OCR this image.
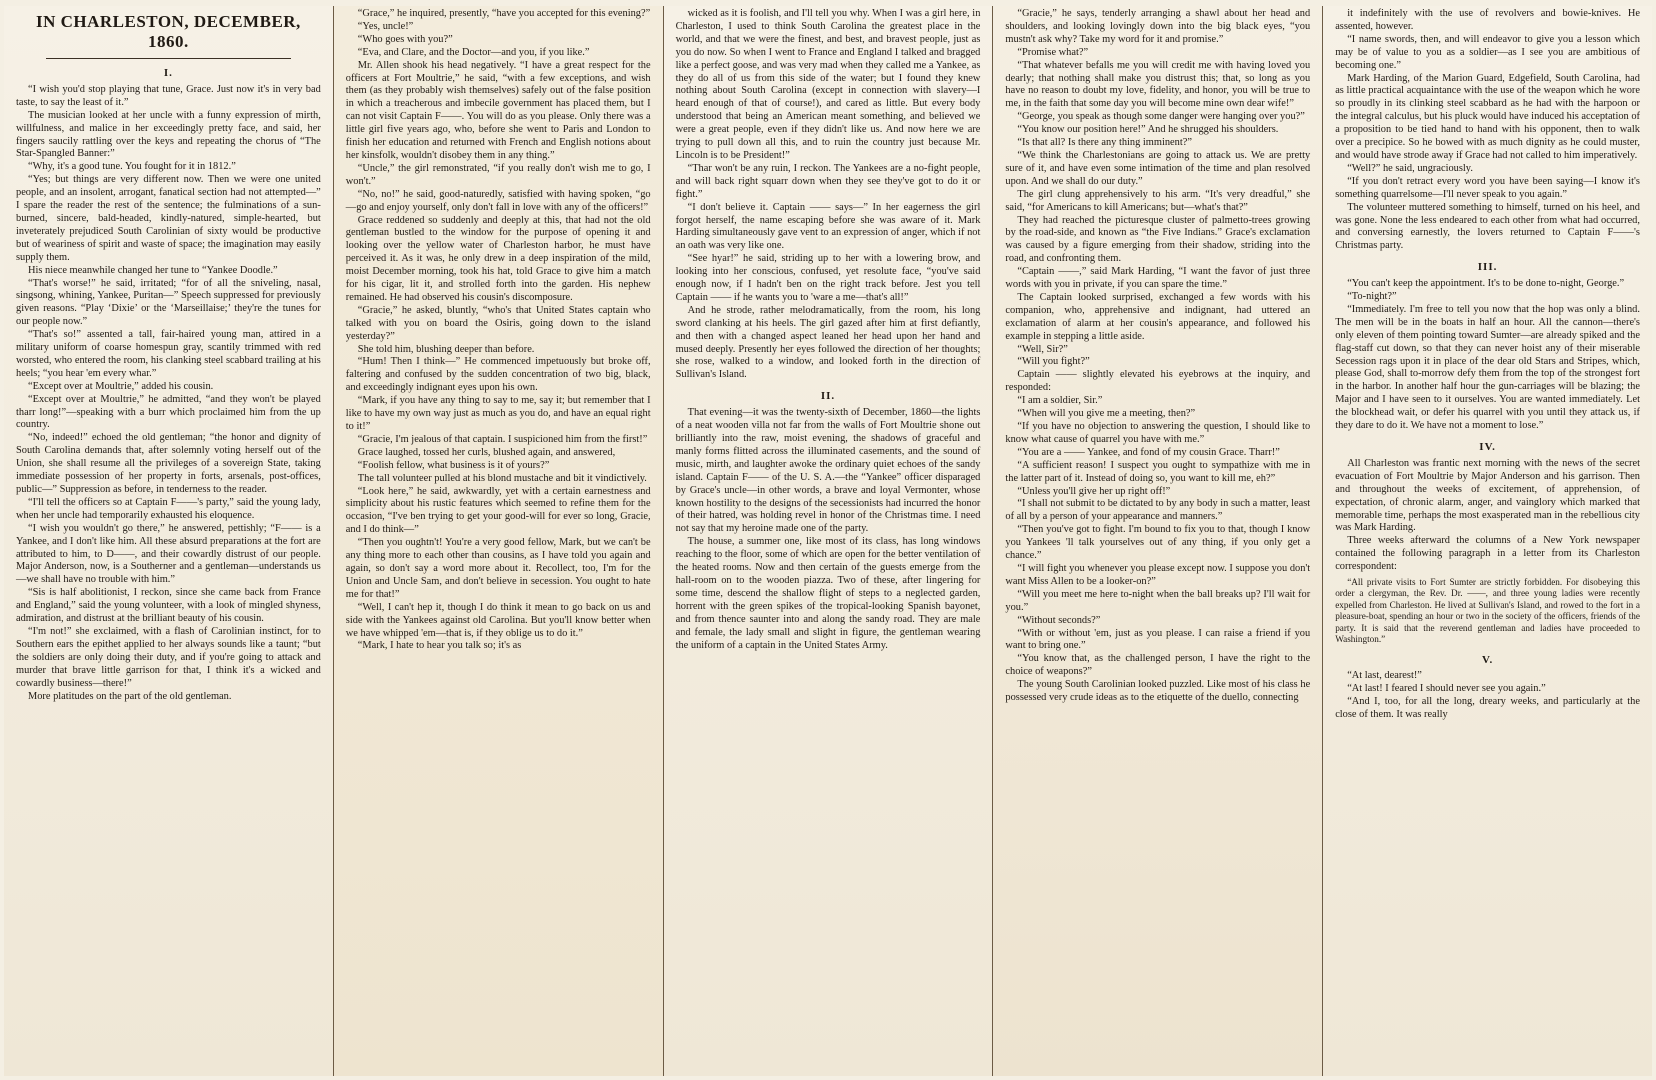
IN CHARLESTON, DECEMBER,
1860.
I.

“I wish you'd stop playing that tune, Grace. Just now it's in very bad taste, to say the least of it.”

The musician looked at her uncle with a funny expression of mirth, willfulness, and malice in her exceedingly pretty face, and said, her fingers saucily rattling over the keys and repeating the chorus of “The Star-Spangled Banner:”

“Why, it's a good tune. You fought for it in 1812.”

“Yes; but things are very different now. Then we were one united people, and an insolent, arrogant, fanatical section had not attempted—” I spare the reader the rest of the sentence; the fulminations of a sun-burned, sincere, bald-headed, kindly-natured, simple-hearted, but inveterately prejudiced South Carolinian of sixty would be productive but of weariness of spirit and waste of space; the imagination may easily supply them.

His niece meanwhile changed her tune to “Yankee Doodle.”

“That's worse!” he said, irritated; “for of all the sniveling, nasal, singsong, whining, Yankee, Puritan—” Speech suppressed for previously given reasons. “Play ‘Dixie’ or the ‘Marseillaise;’ they're the tunes for our people now.”

“That's so!” assented a tall, fair-haired young man, attired in a military uniform of coarse homespun gray, scantily trimmed with red worsted, who entered the room, his clanking steel scabbard trailing at his heels; “you hear 'em every whar.”

“Except over at Moultrie,” added his cousin.

“Except over at Moultrie,” he admitted, “and they won't be played tharr long!”—speaking with a burr which proclaimed him from the up country.

“No, indeed!” echoed the old gentleman; “the honor and dignity of South Carolina demands that, after solemnly voting herself out of the Union, she shall resume all the privileges of a sovereign State, taking immediate possession of her property in forts, arsenals, post-offices, public—” Suppression as before, in tenderness to the reader.

“I'll tell the officers so at Captain F——'s party,” said the young lady, when her uncle had temporarily exhausted his eloquence.

“I wish you wouldn't go there,” he answered, pettishly; “F—— is a Yankee, and I don't like him. All these absurd preparations at the fort are attributed to him, to D——, and their cowardly distrust of our people. Major Anderson, now, is a Southerner and a gentleman—understands us—we shall have no trouble with him.”

“Sis is half abolitionist, I reckon, since she came back from France and England,” said the young volunteer, with a look of mingled shyness, admiration, and distrust at the brilliant beauty of his cousin.

“I'm not!” she exclaimed, with a flash of Carolinian instinct, for to Southern ears the epithet applied to her always sounds like a taunt; “but the soldiers are only doing their duty, and if you're going to attack and murder that brave little garrison for that, I think it's a wicked and cowardly business—there!”

More platitudes on the part of the old gentleman.

“Grace,” he inquired, presently, “have you accepted for this evening?”

“Yes, uncle!”

“Who goes with you?”

“Eva, and Clare, and the Doctor—and you, if you like.”

Mr. Allen shook his head negatively. “I have a great respect for the officers at Fort Moultrie,” he said, “with a few exceptions, and wish them (as they probably wish themselves) safely out of the false position in which a treacherous and imbecile government has placed them, but I can not visit Captain F——. You will do as you please. Only there was a little girl five years ago, who, before she went to Paris and London to finish her education and returned with French and English notions about her kinsfolk, wouldn't disobey them in any thing.”

“Uncle,” the girl remonstrated, “if you really don't wish me to go, I won't.”

“No, no!” he said, good-naturedly, satisfied with having spoken, “go—go and enjoy yourself, only don't fall in love with any of the officers!”

Grace reddened so suddenly and deeply at this, that had not the old gentleman bustled to the window for the purpose of opening it and looking over the yellow water of Charleston harbor, he must have perceived it. As it was, he only drew in a deep inspiration of the mild, moist December morning, took his hat, told Grace to give him a match for his cigar, lit it, and strolled forth into the garden. His nephew remained. He had observed his cousin's discomposure.

“Gracie,” he asked, bluntly, “who's that United States captain who talked with you on board the Osiris, going down to the island yesterday?”

She told him, blushing deeper than before.

“Hum! Then I think—” He commenced impetuously but broke off, faltering and confused by the sudden concentration of two big, black, and exceedingly indignant eyes upon his own.

“Mark, if you have any thing to say to me, say it; but remember that I like to have my own way just as much as you do, and have an equal right to it!”

“Gracie, I'm jealous of that captain. I suspicioned him from the first!”

Grace laughed, tossed her curls, blushed again, and answered,

“Foolish fellow, what business is it of yours?”

The tall volunteer pulled at his blond mustache and bit it vindictively.

“Look here,” he said, awkwardly, yet with a certain earnestness and simplicity about his rustic features which seemed to refine them for the occasion, “I've ben trying to get your good-will for ever so long, Gracie, and I do think—”

“Then you oughtn't! You're a very good fellow, Mark, but we can't be any thing more to each other than cousins, as I have told you again and again, so don't say a word more about it. Recollect, too, I'm for the Union and Uncle Sam, and don't believe in secession. You ought to hate me for that!”

“Well, I can't hep it, though I do think it mean to go back on us and side with the Yankees against old Carolina. But you'll know better when we have whipped 'em—that is, if they oblige us to do it.”

“Mark, I hate to hear you talk so; it's as

wicked as it is foolish, and I'll tell you why. When I was a girl here, in Charleston, I used to think South Carolina the greatest place in the world, and that we were the finest, and best, and bravest people, just as you do now. So when I went to France and England I talked and bragged like a perfect goose, and was very mad when they called me a Yankee, as they do all of us from this side of the water; but I found they knew nothing about South Carolina (except in connection with slavery—I heard enough of that of course!), and cared as little. But every body understood that being an American meant something, and believed we were a great people, even if they didn't like us. And now here we are trying to pull down all this, and to ruin the country just because Mr. Lincoln is to be President!”

“Thar won't be any ruin, I reckon. The Yankees are a no-fight people, and will back right squarr down when they see they've got to do it or fight.”

“I don't believe it. Captain —— says—” In her eagerness the girl forgot herself, the name escaping before she was aware of it. Mark Harding simultaneously gave vent to an expression of anger, which if not an oath was very like one.

“See hyar!” he said, striding up to her with a lowering brow, and looking into her conscious, confused, yet resolute face, “you've said enough now, if I hadn't ben on the right track before. Jest you tell Captain —— if he wants you to 'ware a me—that's all!”

And he strode, rather melodramatically, from the room, his long sword clanking at his heels. The girl gazed after him at first defiantly, and then with a changed aspect leaned her head upon her hand and mused deeply. Presently her eyes followed the direction of her thoughts; she rose, walked to a window, and looked forth in the direction of Sullivan's Island.

II.

That evening—it was the twenty-sixth of December, 1860—the lights of a neat wooden villa not far from the walls of Fort Moultrie shone out brilliantly into the raw, moist evening, the shadows of graceful and manly forms flitted across the illuminated casements, and the sound of music, mirth, and laughter awoke the ordinary quiet echoes of the sandy island. Captain F—— of the U. S. A.—the “Yankee” officer disparaged by Grace's uncle—in other words, a brave and loyal Vermonter, whose known hostility to the designs of the secessionists had incurred the honor of their hatred, was holding revel in honor of the Christmas time. I need not say that my heroine made one of the party.

The house, a summer one, like most of its class, has long windows reaching to the floor, some of which are open for the better ventilation of the heated rooms. Now and then certain of the guests emerge from the hall-room on to the wooden piazza. Two of these, after lingering for some time, descend the shallow flight of steps to a neglected garden, horrent with the green spikes of the tropical-looking Spanish bayonet, and from thence saunter into and along the sandy road. They are male and female, the lady small and slight in figure, the gentleman wearing the uniform of a captain in the United States Army.

“Gracie,” he says, tenderly arranging a shawl about her head and shoulders, and looking lovingly down into the big black eyes, “you mustn't ask why? Take my word for it and promise.”

“Promise what?”

“That whatever befalls me you will credit me with having loved you dearly; that nothing shall make you distrust this; that, so long as you have no reason to doubt my love, fidelity, and honor, you will be true to me, in the faith that some day you will become mine own dear wife!”

“George, you speak as though some danger were hanging over you?”

“You know our position here!” And he shrugged his shoulders.

“Is that all? Is there any thing imminent?”

“We think the Charlestonians are going to attack us. We are pretty sure of it, and have even some intimation of the time and plan resolved upon. And we shall do our duty.”

The girl clung apprehensively to his arm. “It's very dreadful,” she said, “for Americans to kill Americans; but—what's that?”

They had reached the picturesque cluster of palmetto-trees growing by the road-side, and known as “the Five Indians.” Grace's exclamation was caused by a figure emerging from their shadow, striding into the road, and confronting them.

“Captain ——,” said Mark Harding, “I want the favor of just three words with you in private, if you can spare the time.”

The Captain looked surprised, exchanged a few words with his companion, who, apprehensive and indignant, had uttered an exclamation of alarm at her cousin's appearance, and followed his example in stepping a little aside.

“Well, Sir?”

“Will you fight?”

Captain —— slightly elevated his eyebrows at the inquiry, and responded:

“I am a soldier, Sir.”

“When will you give me a meeting, then?”

“If you have no objection to answering the question, I should like to know what cause of quarrel you have with me.”

“You are a —— Yankee, and fond of my cousin Grace. Tharr!”

“A sufficient reason! I suspect you ought to sympathize with me in the latter part of it. Instead of doing so, you want to kill me, eh?”

“Unless you'll give her up right off!”

“I shall not submit to be dictated to by any body in such a matter, least of all by a person of your appearance and manners.”

“Then you've got to fight. I'm bound to fix you to that, though I know you Yankees 'll talk yourselves out of any thing, if you only get a chance.”

“I will fight you whenever you please except now. I suppose you don't want Miss Allen to be a looker-on?”

“Will you meet me here to-night when the ball breaks up? I'll wait for you.”

“Without seconds?”

“With or without 'em, just as you please. I can raise a friend if you want to bring one.”

“You know that, as the challenged person, I have the right to the choice of weapons?”

The young South Carolinian looked puzzled. Like most of his class he possessed very crude ideas as to the etiquette of the duello, connecting

it indefinitely with the use of revolvers and bowie-knives. He assented, however.

“I name swords, then, and will endeavor to give you a lesson which may be of value to you as a soldier—as I see you are ambitious of becoming one.”

Mark Harding, of the Marion Guard, Edgefield, South Carolina, had as little practical acquaintance with the use of the weapon which he wore so proudly in its clinking steel scabbard as he had with the harpoon or the integral calculus, but his pluck would have induced his acceptation of a proposition to be tied hand to hand with his opponent, then to walk over a precipice. So he bowed with as much dignity as he could muster, and would have strode away if Grace had not called to him imperatively.

“Well?” he said, ungraciously.

“If you don't retract every word you have been saying—I know it's something quarrelsome—I'll never speak to you again.”

The volunteer muttered something to himself, turned on his heel, and was gone. None the less endeared to each other from what had occurred, and conversing earnestly, the lovers returned to Captain F——'s Christmas party.

III.

“You can't keep the appointment. It's to be done to-night, George.”

“To-night?”

“Immediately. I'm free to tell you now that the hop was only a blind. The men will be in the boats in half an hour. All the cannon—there's only eleven of them pointing toward Sumter—are already spiked and the flag-staff cut down, so that they can never hoist any of their miserable Secession rags upon it in place of the dear old Stars and Stripes, which, please God, shall to-morrow defy them from the top of the strongest fort in the harbor. In another half hour the gun-carriages will be blazing; the Major and I have seen to it ourselves. You are wanted immediately. Let the blockhead wait, or defer his quarrel with you until they attack us, if they dare to do it. We have not a moment to lose.”

IV.

All Charleston was frantic next morning with the news of the secret evacuation of Fort Moultrie by Major Anderson and his garrison. Then and throughout the weeks of excitement, of apprehension, of expectation, of chronic alarm, anger, and vainglory which marked that memorable time, perhaps the most exasperated man in the rebellious city was Mark Harding.

Three weeks afterward the columns of a New York newspaper contained the following paragraph in a letter from its Charleston correspondent:

“All private visits to Fort Sumter are strictly forbidden. For disobeying this order a clergyman, the Rev. Dr. ——, and three young ladies were recently expelled from Charleston. He lived at Sullivan's Island, and rowed to the fort in a pleasure-boat, spending an hour or two in the society of the officers, friends of the party. It is said that the reverend gentleman and ladies have proceeded to Washington.”

V.

“At last, dearest!”

“At last! I feared I should never see you again.”

“And I, too, for all the long, dreary weeks, and particularly at the close of them. It was really
